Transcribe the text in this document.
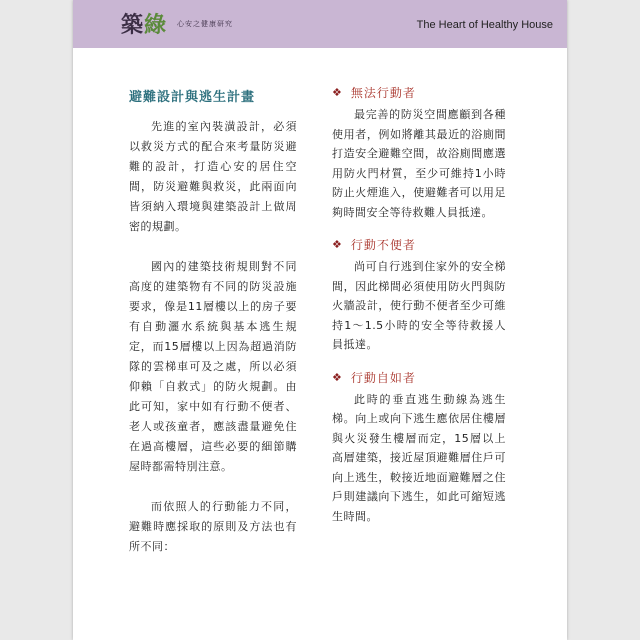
築綠 心安之健康研究	The Heart of Healthy House
避難設計與逃生計畫

先進的室內裝潢設計，必須以救災方式的配合來考量防災避難的設計，打造心安的居住空間，防災避難與救災，此兩面向皆須納入環境與建築設計上做周密的規劃。

國內的建築技術規則對不同高度的建築物有不同的防災設施要求，像是11層樓以上的房子要有自動灑水系統與基本逃生規定，而15層樓以上因為超過消防隊的雲梯車可及之處，所以必須仰賴「自救式」的防火規劃。由此可知，家中如有行動不便者、老人或孩童者，應該盡量避免住在過高樓層，這些必要的細節購屋時都需特別注意。

而依照人的行動能力不同，避難時應採取的原則及方法也有所不同：

❖ 無法行動者

最完善的防災空間應顧到各種使用者，例如將離其最近的浴廁間打造安全避難空間，故浴廁間應選用防火門材質，至少可維持1小時防止火煙進入，使避難者可以用足夠時間安全等待救難人員抵達。

❖ 行動不便者

尚可自行逃到住家外的安全梯間，因此梯間必須使用防火門與防火牆設計，使行動不便者至少可維持1～1.5小時的安全等待救援人員抵達。

❖ 行動自如者

此時的垂直逃生動線為逃生梯。向上或向下逃生應依居住樓層與火災發生樓層而定，15層以上高層建築，接近屋頂避難層住戶可向上逃生，較接近地面避難層之住戶則建議向下逃生，如此可縮短逃生時間。
